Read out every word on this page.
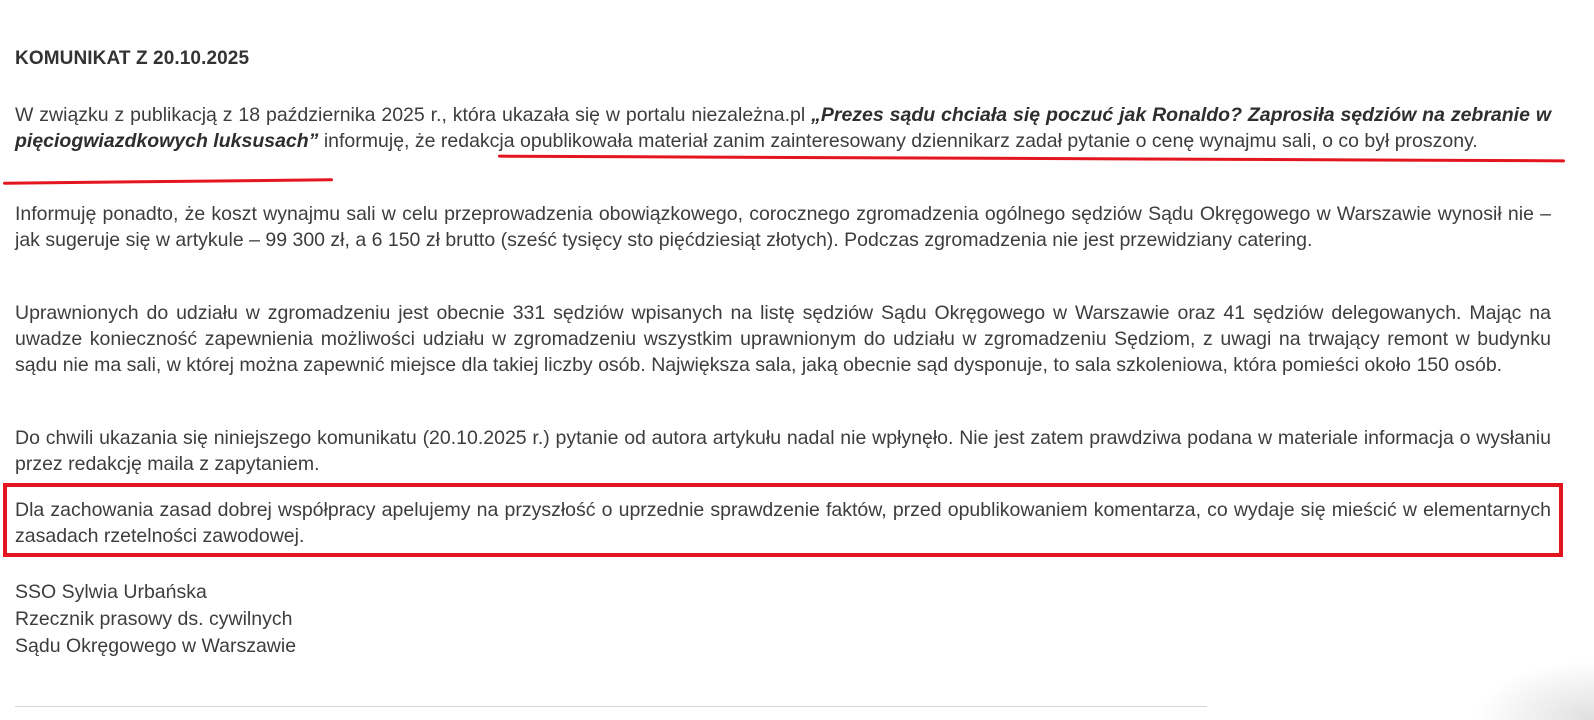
KOMUNIKAT Z 20.10.2025

W związku z publikacją z 18 października 2025 r., która ukazała się w portalu niezależna.pl „Prezes sądu chciała się poczuć jak Ronaldo? Zaprosiła sędziów na zebranie w pięciogwiazdkowych luksusach” informuję, że redakcja opublikowała materiał zanim zainteresowany dziennikarz zadał pytanie o cenę wynajmu sali, o co był proszony.

Informuję ponadto, że koszt wynajmu sali w celu przeprowadzenia obowiązkowego, corocznego zgromadzenia ogólnego sędziów Sądu Okręgowego w Warszawie wynosił nie – jak sugeruje się w artykule – 99 300 zł, a 6 150 zł brutto (sześć tysięcy sto pięćdziesiąt złotych). Podczas zgromadzenia nie jest przewidziany catering.

Uprawnionych do udziału w zgromadzeniu jest obecnie 331 sędziów wpisanych na listę sędziów Sądu Okręgowego w Warszawie oraz 41 sędziów delegowanych. Mając na uwadze konieczność zapewnienia możliwości udziału w zgromadzeniu wszystkim uprawnionym do udziału w zgromadzeniu Sędziom, z uwagi na trwający remont w budynku sądu nie ma sali, w której można zapewnić miejsce dla takiej liczby osób. Największa sala, jaką obecnie sąd dysponuje, to sala szkoleniowa, która pomieści około 150 osób.

Do chwili ukazania się niniejszego komunikatu (20.10.2025 r.) pytanie od autora artykułu nadal nie wpłynęło. Nie jest zatem prawdziwa podana w materiale informacja o wysłaniu przez redakcję maila z zapytaniem.

Dla zachowania zasad dobrej współpracy apelujemy na przyszłość o uprzednie sprawdzenie faktów, przed opublikowaniem komentarza, co wydaje się mieścić w elementarnych zasadach rzetelności zawodowej.

SSO Sylwia Urbańska
Rzecznik prasowy ds. cywilnych
Sądu Okręgowego w Warszawie
